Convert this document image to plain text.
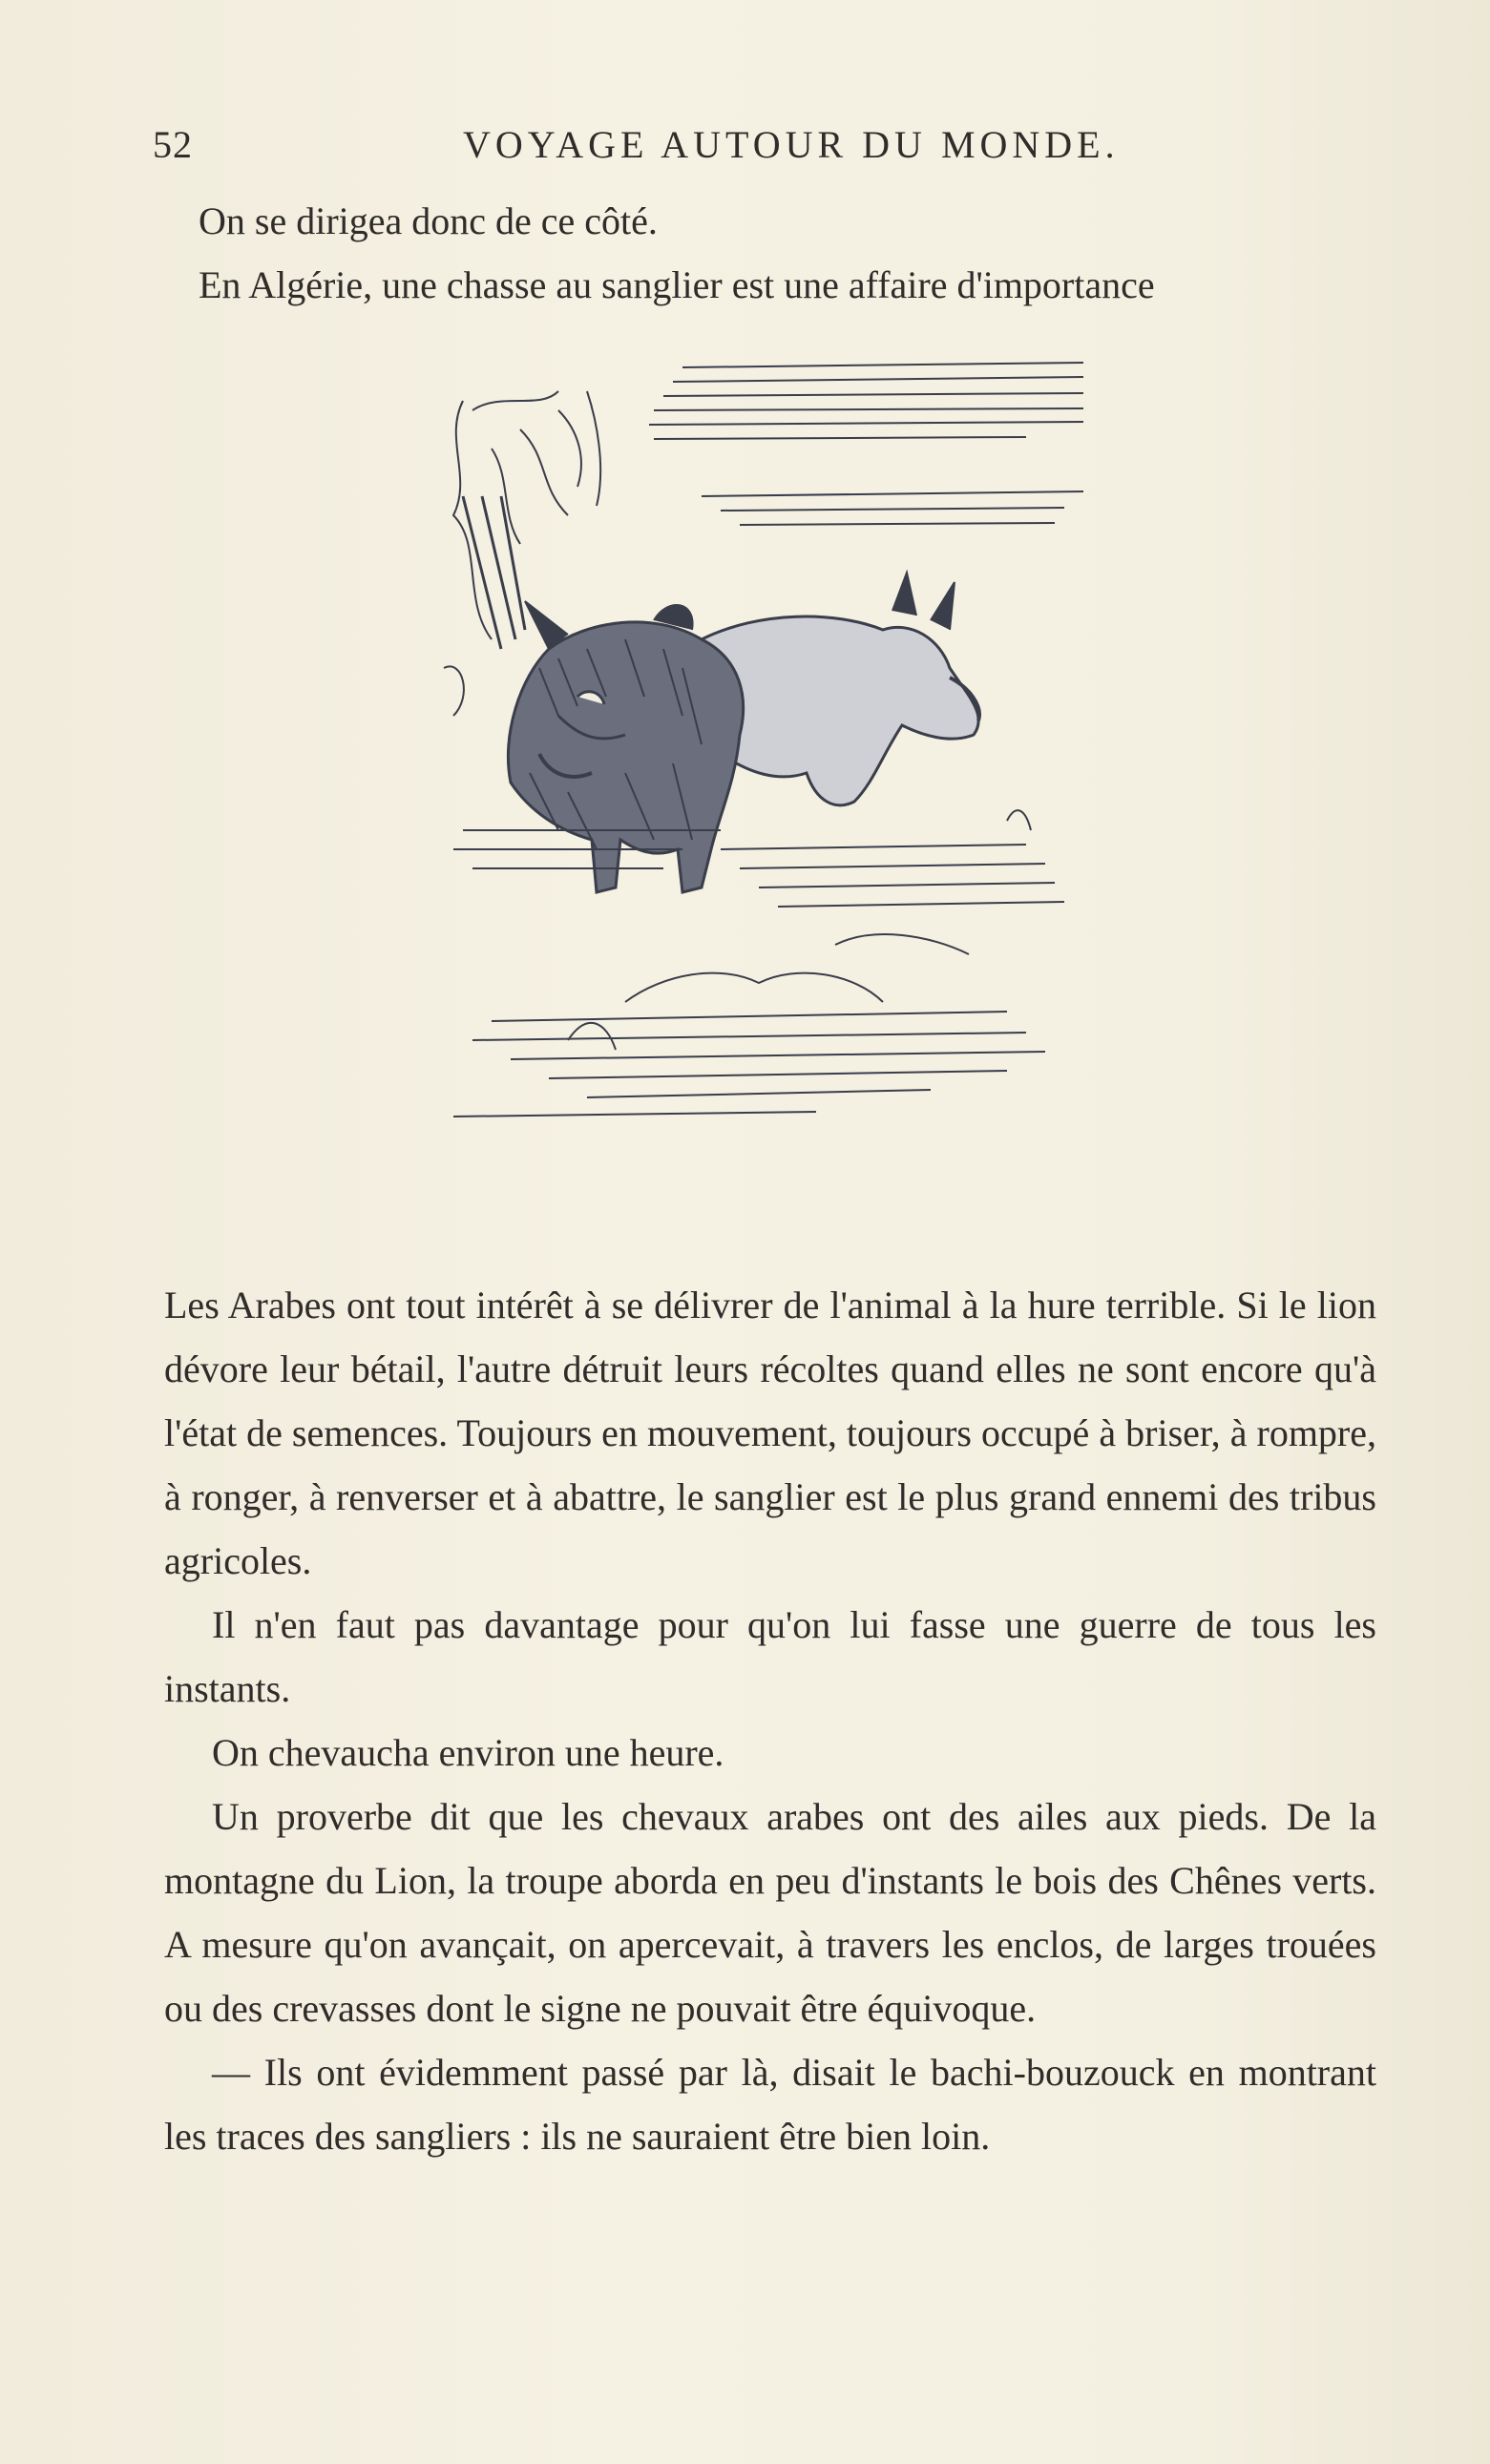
52	VOYAGE AUTOUR DU MONDE.

On se dirigea donc de ce côté.

En Algérie, une chasse au sanglier est une affaire d'importance

Les Arabes ont tout intérêt à se délivrer de l'animal à la hure terrible. Si le lion dévore leur bétail, l'autre détruit leurs récoltes quand elles ne sont encore qu'à l'état de semences. Toujours en mouvement, toujours occupé à briser, à rompre, à ronger, à renverser et à abattre, le sanglier est le plus grand ennemi des tribus agricoles.

Il n'en faut pas davantage pour qu'on lui fasse une guerre de tous les instants.

On chevaucha environ une heure.

Un proverbe dit que les chevaux arabes ont des ailes aux pieds. De la montagne du Lion, la troupe aborda en peu d'instants le bois des Chênes verts. A mesure qu'on avançait, on apercevait, à travers les enclos, de larges trouées ou des crevasses dont le signe ne pouvait être équivoque.

— Ils ont évidemment passé par là, disait le bachi-bouzouck en montrant les traces des sangliers : ils ne sauraient être bien loin.
